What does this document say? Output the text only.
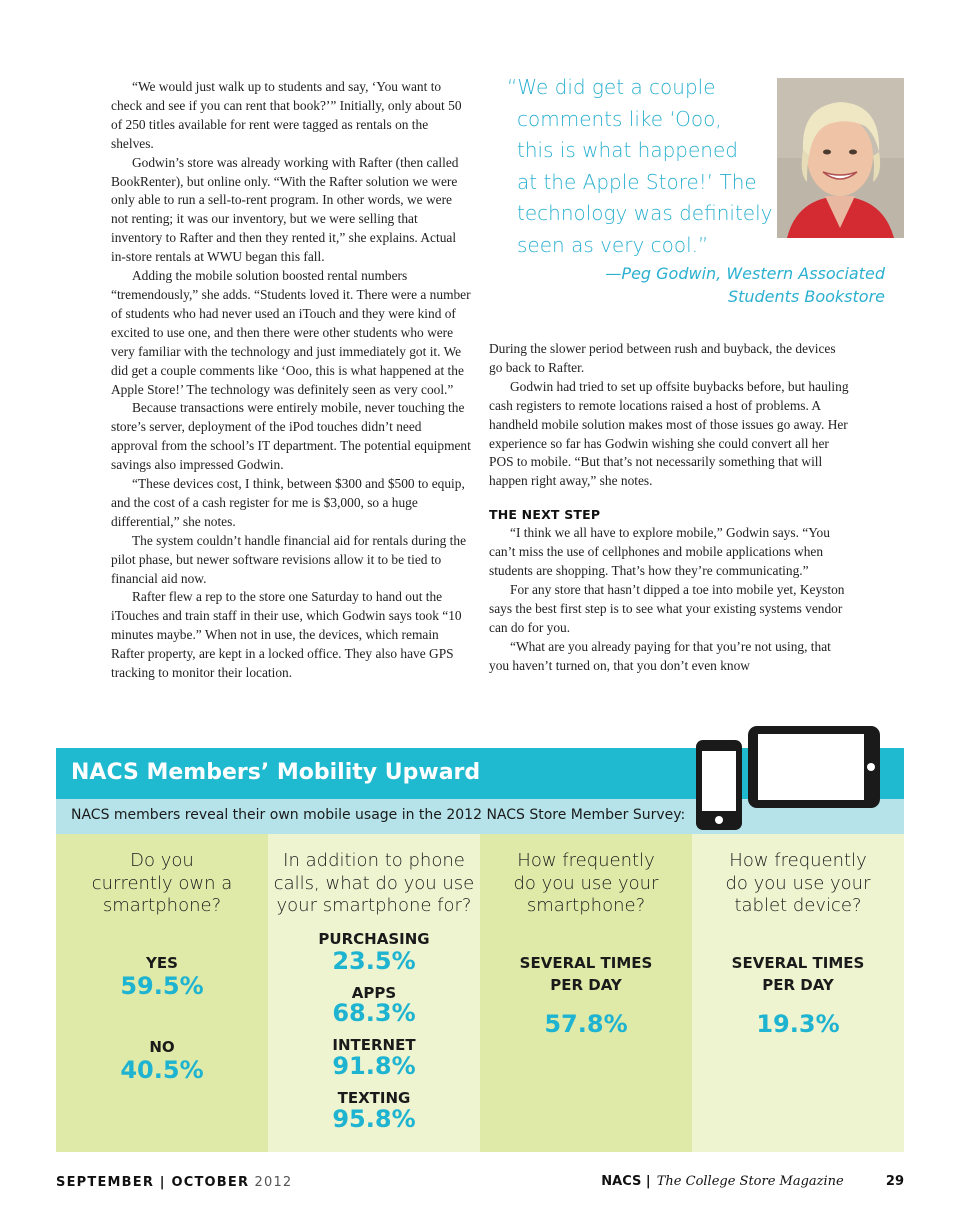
“We would just walk up to students and say, ‘You want to check and see if you can rent that book?’” Initially, only about 50 of 250 titles available for rent were tagged as rentals on the shelves.

Godwin’s store was already working with Rafter (then called BookRenter), but online only. “With the Rafter solution we were only able to run a sell-to-rent program. In other words, we were not renting; it was our inventory, but we were selling that inventory to Rafter and then they rented it,” she explains. Actual in-store rentals at WWU began this fall.

Adding the mobile solution boosted rental numbers “tremendously,” she adds. “Students loved it. There were a number of students who had never used an iTouch and they were kind of excited to use one, and then there were other students who were very familiar with the technology and just immediately got it. We did get a couple comments like ‘Ooo, this is what happened at the Apple Store!’ The technology was definitely seen as very cool.”

Because transactions were entirely mobile, never touching the store’s server, deployment of the iPod touches didn’t need approval from the school’s IT department. The potential equipment savings also impressed Godwin.

“These devices cost, I think, between $300 and $500 to equip, and the cost of a cash register for me is $3,000, so a huge differential,” she notes.

The system couldn’t handle financial aid for rentals during the pilot phase, but newer software revisions allow it to be tied to financial aid now.

Rafter flew a rep to the store one Saturday to hand out the iTouches and train staff in their use, which Godwin says took “10 minutes maybe.” When not in use, the devices, which remain Rafter property, are kept in a locked office. They also have GPS tracking to monitor their location.

“We did get a couple
comments like ‘Ooo,
this is what happened
at the Apple Store!’ The
technology was definitely
seen as very cool.”
—Peg Godwin, Western Associated
Students Bookstore

During the slower period between rush and buyback, the devices go back to Rafter.

Godwin had tried to set up offsite buybacks before, but hauling cash registers to remote locations raised a host of problems. A handheld mobile solution makes most of those issues go away. Her experience so far has Godwin wishing she could convert all her POS to mobile. “But that’s not necessarily something that will happen right away,” she notes.

THE NEXT STEP

“I think we all have to explore mobile,” Godwin says. “You can’t miss the use of cellphones and mobile applications when students are shopping. That’s how they’re communicating.”

For any store that hasn’t dipped a toe into mobile yet, Keyston says the best first step is to see what your existing systems vendor can do for you.

“What are you already paying for that you’re not using, that you haven’t turned on, that you don’t even know

NACS Members’ Mobility Upward
NACS members reveal their own mobile usage in the 2012 NACS Store Member Survey:
Do you
currently own a
smartphone?
YES
59.5%
NO
40.5%
In addition to phone
calls, what do you use
your smartphone for?
PURCHASING
23.5%
APPS
68.3%
INTERNET
91.8%
TEXTING
95.8%
How frequently
do you use your
smartphone?
SEVERAL TIMES
PER DAY
57.8%
How frequently
do you use your
tablet device?
SEVERAL TIMES
PER DAY
19.3%
SEPTEMBER | OCTOBER 2012	NACS | The College Store Magazine	29
